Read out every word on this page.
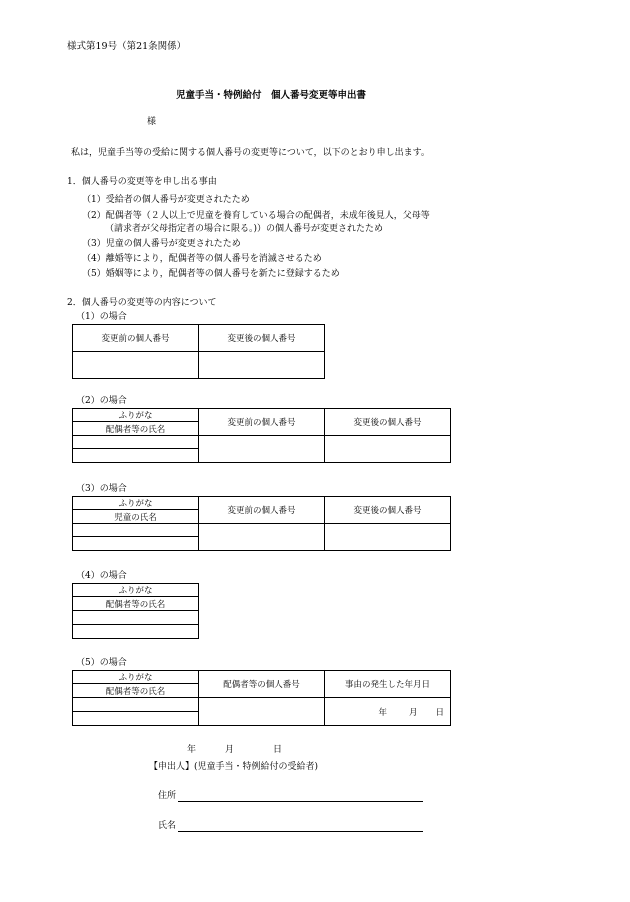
様式第19号（第21条関係）
児童手当・特例給付　個人番号変更等申出書
様
私は，児童手当等の受給に関する個人番号の変更等について，以下のとおり申し出ます。
1．個人番号の変更等を申し出る事由
（1）受給者の個人番号が変更されたため
（2）配偶者等（２人以上で児童を養育している場合の配偶者，未成年後見人，父母等
（請求者が父母指定者の場合に限る。)）の個人番号が変更されたため
（3）児童の個人番号が変更されたため
（4）離婚等により，配偶者等の個人番号を消滅させるため
（5）婚姻等により，配偶者等の個人番号を新たに登録するため
2．個人番号の変更等の内容について
（1）の場合
変更前の個人番号	変更後の個人番号

（2）の場合
ふりがな	変更前の個人番号	変更後の個人番号
配偶者等の氏名		

（3）の場合
ふりがな	変更前の個人番号	変更後の個人番号
児童の氏名		

（4）の場合
ふりがな
配偶者等の氏名

（5）の場合
ふりがな	配偶者等の個人番号	事由の発生した年月日
配偶者等の氏名		

	年 月 日

年	月	日
【申出人】(児童手当・特例給付の受給者)
住所
氏名
